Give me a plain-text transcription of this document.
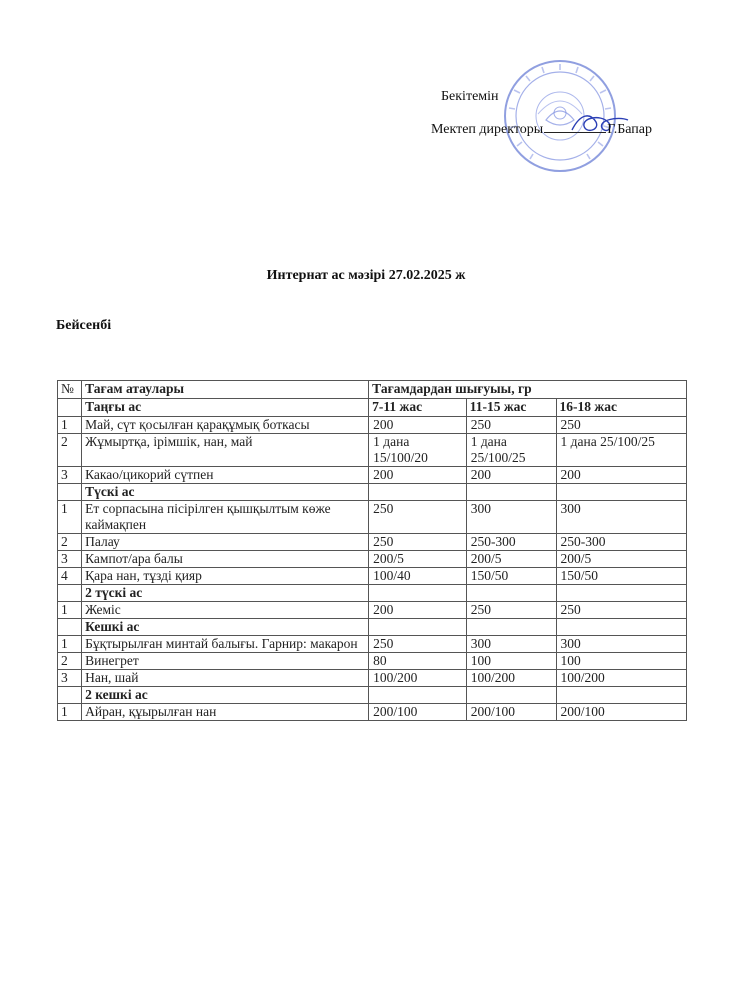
Бекітемін
Мектеп директоры	Г.Бапар
Интернат ас мәзірі 27.02.2025 ж
Бейсенбі
№	Тағам атаулары	Тағамдардан шығуыы, гр		
	Таңғы ас	7-11 жас	11-15 жас	16-18 жас
1	Май, сүт қосылған қарақұмық боткасы	200	250	250
2	Жұмыртқа, ірімшік, нан, май	1 дана 15/100/20	1 дана 25/100/25	1 дана 25/100/25
3	Какао/цикорий сүтпен	200	200	200
	Түскі ас			
1	Ет сорпасына пісірілген қышқылтым көже каймақпен	250	300	300
2	Палау	250	250-300	250-300
3	Кампот/ара балы	200/5	200/5	200/5
4	Қара нан, тұзді қияр	100/40	150/50	150/50
	2 түскі ас			
1	Жеміс	200	250	250
	Кешкі ас			
1	Бұқтырылған минтай балығы. Гарнир: макарон	250	300	300
2	Винегрет	80	100	100
3	Нан, шай	100/200	100/200	100/200
	2 кешкі ас			
1	Айран, құырылған нан	200/100	200/100	200/100
